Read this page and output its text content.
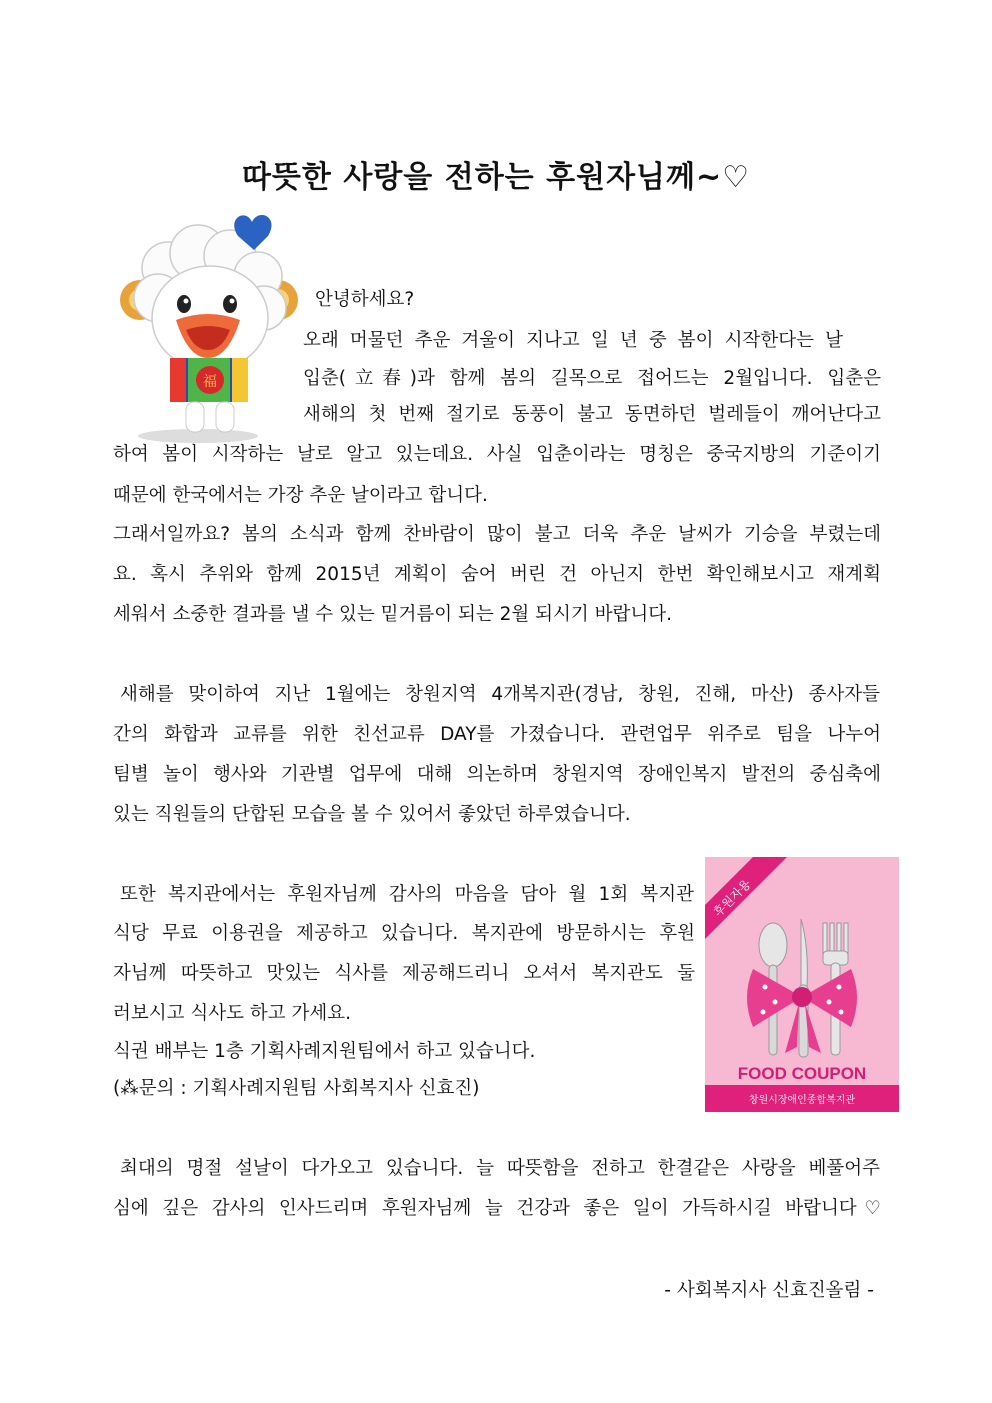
따뜻한 사랑을 전하는 후원자님께~♡
福
안녕하세요?
오래 머물던 추운 겨울이 지나고 일 년 중 봄이 시작한다는 날
입춘(立春)과 함께 봄의 길목으로 접어드는 2월입니다. 입춘은
새해의 첫 번째 절기로 동풍이 불고 동면하던 벌레들이 깨어난다고
하여 봄이 시작하는 날로 알고 있는데요. 사실 입춘이라는 명칭은 중국지방의 기준이기
때문에 한국에서는 가장 추운 날이라고 합니다.
그래서일까요? 봄의 소식과 함께 찬바람이 많이 불고 더욱 추운 날씨가 기승을 부렸는데
요. 혹시 추위와 함께 2015년 계획이 숨어 버린 건 아닌지 한번 확인해보시고 재계획
세워서 소중한 결과를 낼 수 있는 밑거름이 되는 2월 되시기 바랍니다.
새해를 맞이하여 지난 1월에는 창원지역 4개복지관(경남, 창원, 진해, 마산) 종사자들
간의 화합과 교류를 위한 친선교류 DAY를 가졌습니다. 관련업무 위주로 팀을 나누어
팀별 놀이 행사와 기관별 업무에 대해 의논하며 창원지역 장애인복지 발전의 중심축에
있는 직원들의 단합된 모습을 볼 수 있어서 좋았던 하루였습니다.
또한 복지관에서는 후원자님께 감사의 마음을 담아 월 1회 복지관
식당 무료 이용권을 제공하고 있습니다. 복지관에 방문하시는 후원
자님께 따뜻하고 맛있는 식사를 제공해드리니 오셔서 복지관도 둘
러보시고 식사도 하고 가세요.
식권 배부는 1층 기획사례지원팀에서 하고 있습니다.
(⁂문의 : 기획사례지원팀 사회복지사 신효진)
최대의 명절 설날이 다가오고 있습니다. 늘 따뜻함을 전하고 한결같은 사랑을 베풀어주
심에 깊은 감사의 인사드리며 후원자님께 늘 건강과 좋은 일이 가득하시길 바랍니다♡
후원자용
FOOD COUPON
창원시장애인종합복지관
- 사회복지사 신효진올림 -
